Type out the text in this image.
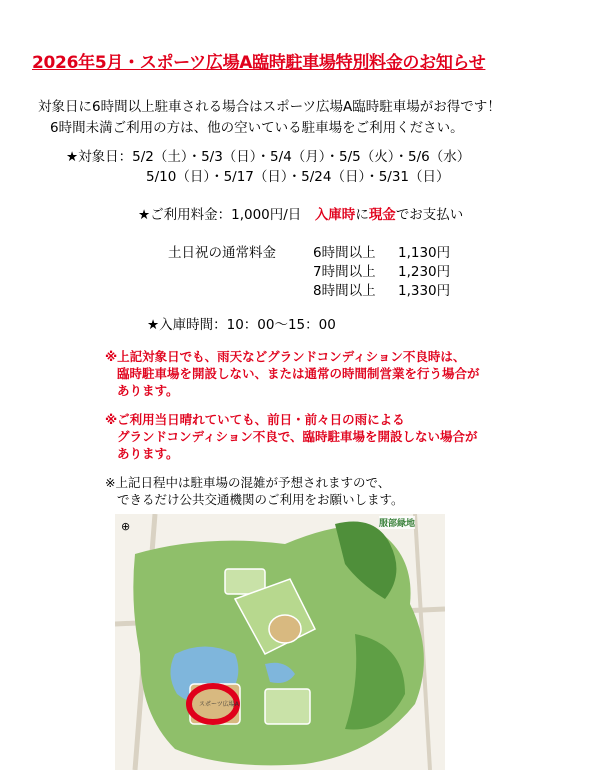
2026年5月・スポーツ広場A臨時駐車場特別料金のお知らせ
対象日に6時間以上駐車される場合はスポーツ広場A臨時駐車場がお得です！
6時間未満ご利用の方は、他の空いている駐車場をご利用ください。
★対象日：5/2（土）・5/3（日）・5/4（月）・5/5（火）・5/6（水）
5/10（日）・5/17（日）・5/24（日）・5/31（日）
★ご利用料金：1,000円/日　入庫時に現金でお支払い
土日祝の通常料金	6時間以上 1,130円
7時間以上 1,230円
8時間以上 1,330円
★入庫時間：10：00～15：00
※上記対象日でも、雨天などグランドコンディション不良時は、
臨時駐車場を開設しない、または通常の時間制営業を行う場合が
あります。
※ご利用当日晴れていても、前日・前々日の雨による
グランドコンディション不良で、臨時駐車場を開設しない場合が
あります。
※上記日程中は駐車場の混雑が予想されますので、
できるだけ公共交通機関のご利用をお願いします。
服部緑地
スポーツ広場A
⊕
